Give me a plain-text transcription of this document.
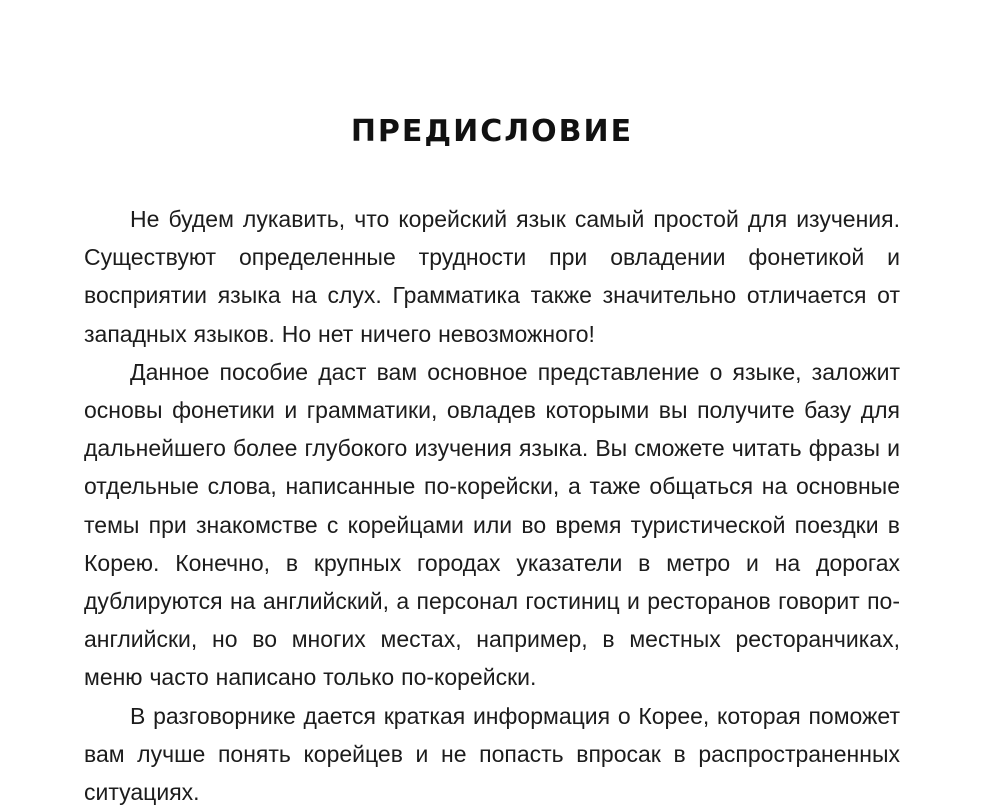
ПРЕДИСЛОВИЕ

Не будем лукавить, что корейский язык самый простой для изучения. Существуют определенные трудности при овладении фонетикой и восприятии языка на слух. Грамматика также значительно отличается от западных языков. Но нет ничего невозможного!

Данное пособие даст вам основное представление о языке, заложит основы фонетики и грамматики, овладев которыми вы получите базу для дальнейшего более глубокого изучения языка. Вы сможете читать фразы и отдельные слова, написанные по-корейски, а таже общаться на основные темы при знакомстве с корейцами или во время туристической поездки в Корею. Конечно, в крупных городах указатели в метро и на дорогах дублируются на английский, а персонал гостиниц и ресторанов говорит по-английски, но во многих местах, например, в местных ресторанчиках, меню часто написано только по-корейски.

В разговорнике дается краткая информация о Корее, которая поможет вам лучше понять корейцев и не попасть впросак в распространенных ситуациях.
